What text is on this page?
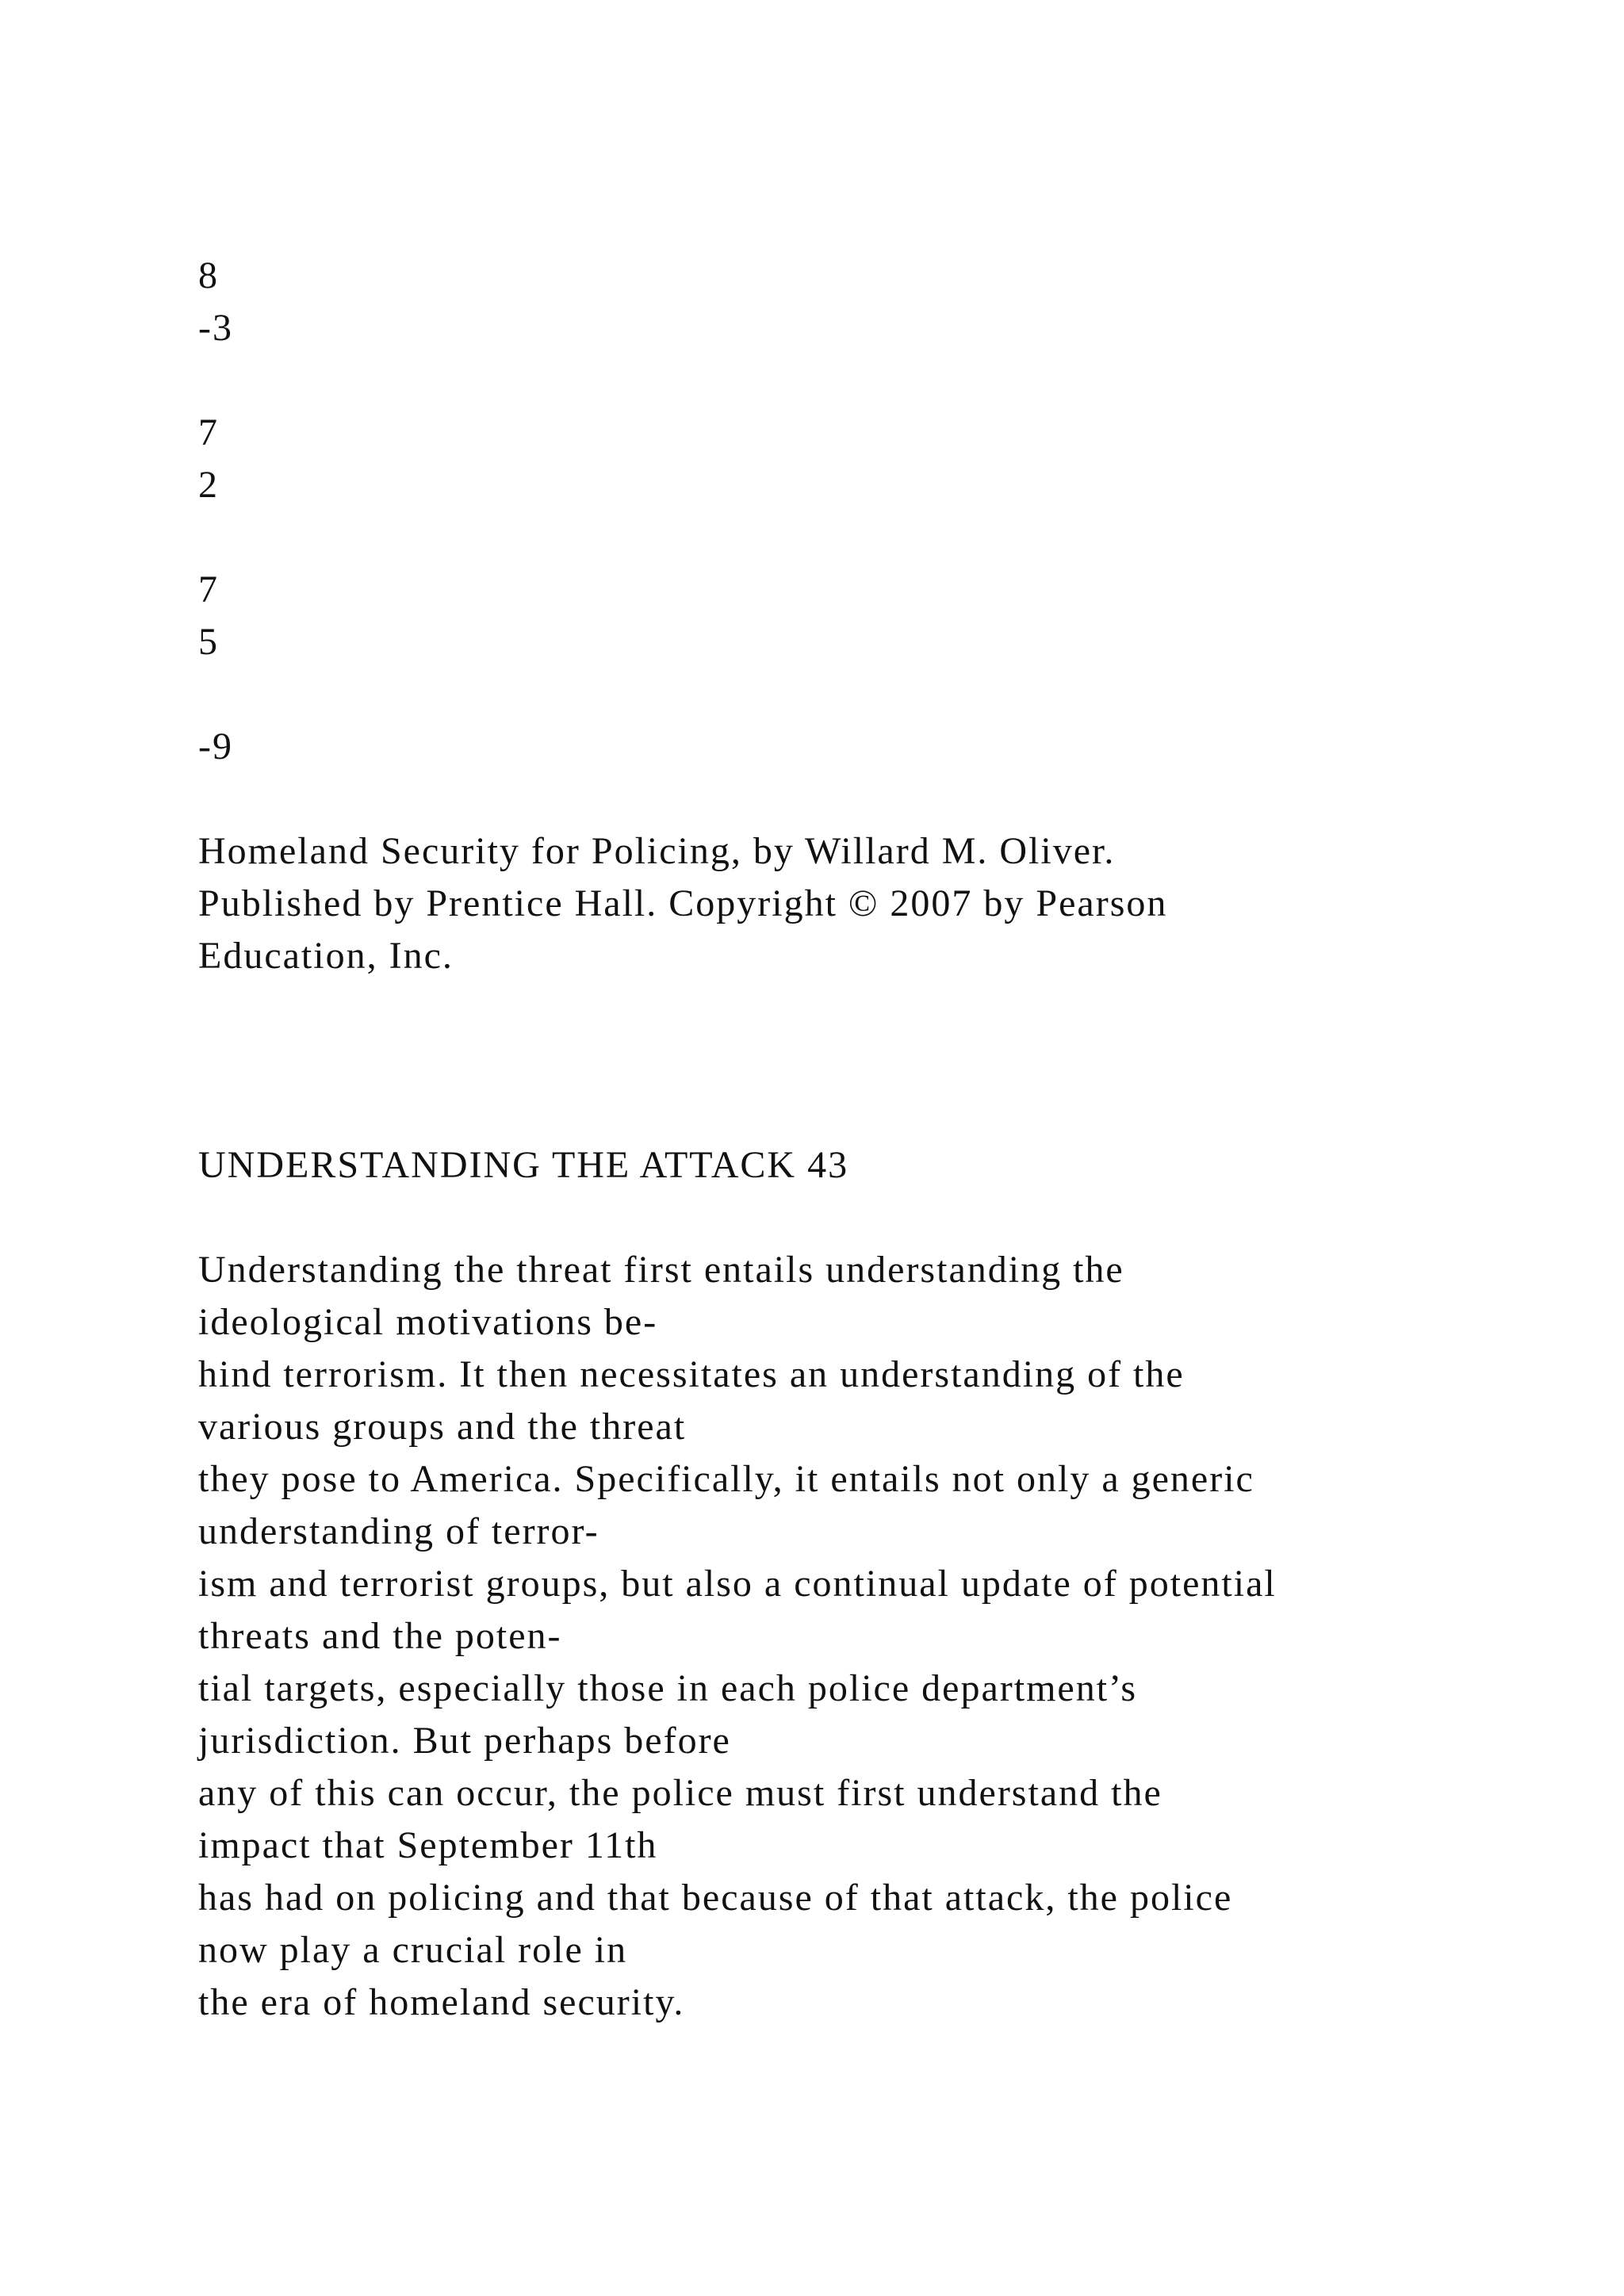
8
-3
7
2
7
5
-9
Homeland Security for Policing, by Willard M. Oliver.
Published by Prentice Hall. Copyright © 2007 by Pearson
Education, Inc.
UNDERSTANDING THE ATTACK 43
Understanding the threat first entails understanding the
ideological motivations be-
hind terrorism. It then necessitates an understanding of the
various groups and the threat
they pose to America. Specifically, it entails not only a generic
understanding of terror-
ism and terrorist groups, but also a continual update of potential
threats and the poten-
tial targets, especially those in each police department’s
jurisdiction. But perhaps before
any of this can occur, the police must first understand the
impact that September 11th
has had on policing and that because of that attack, the police
now play a crucial role in
the era of homeland security.
